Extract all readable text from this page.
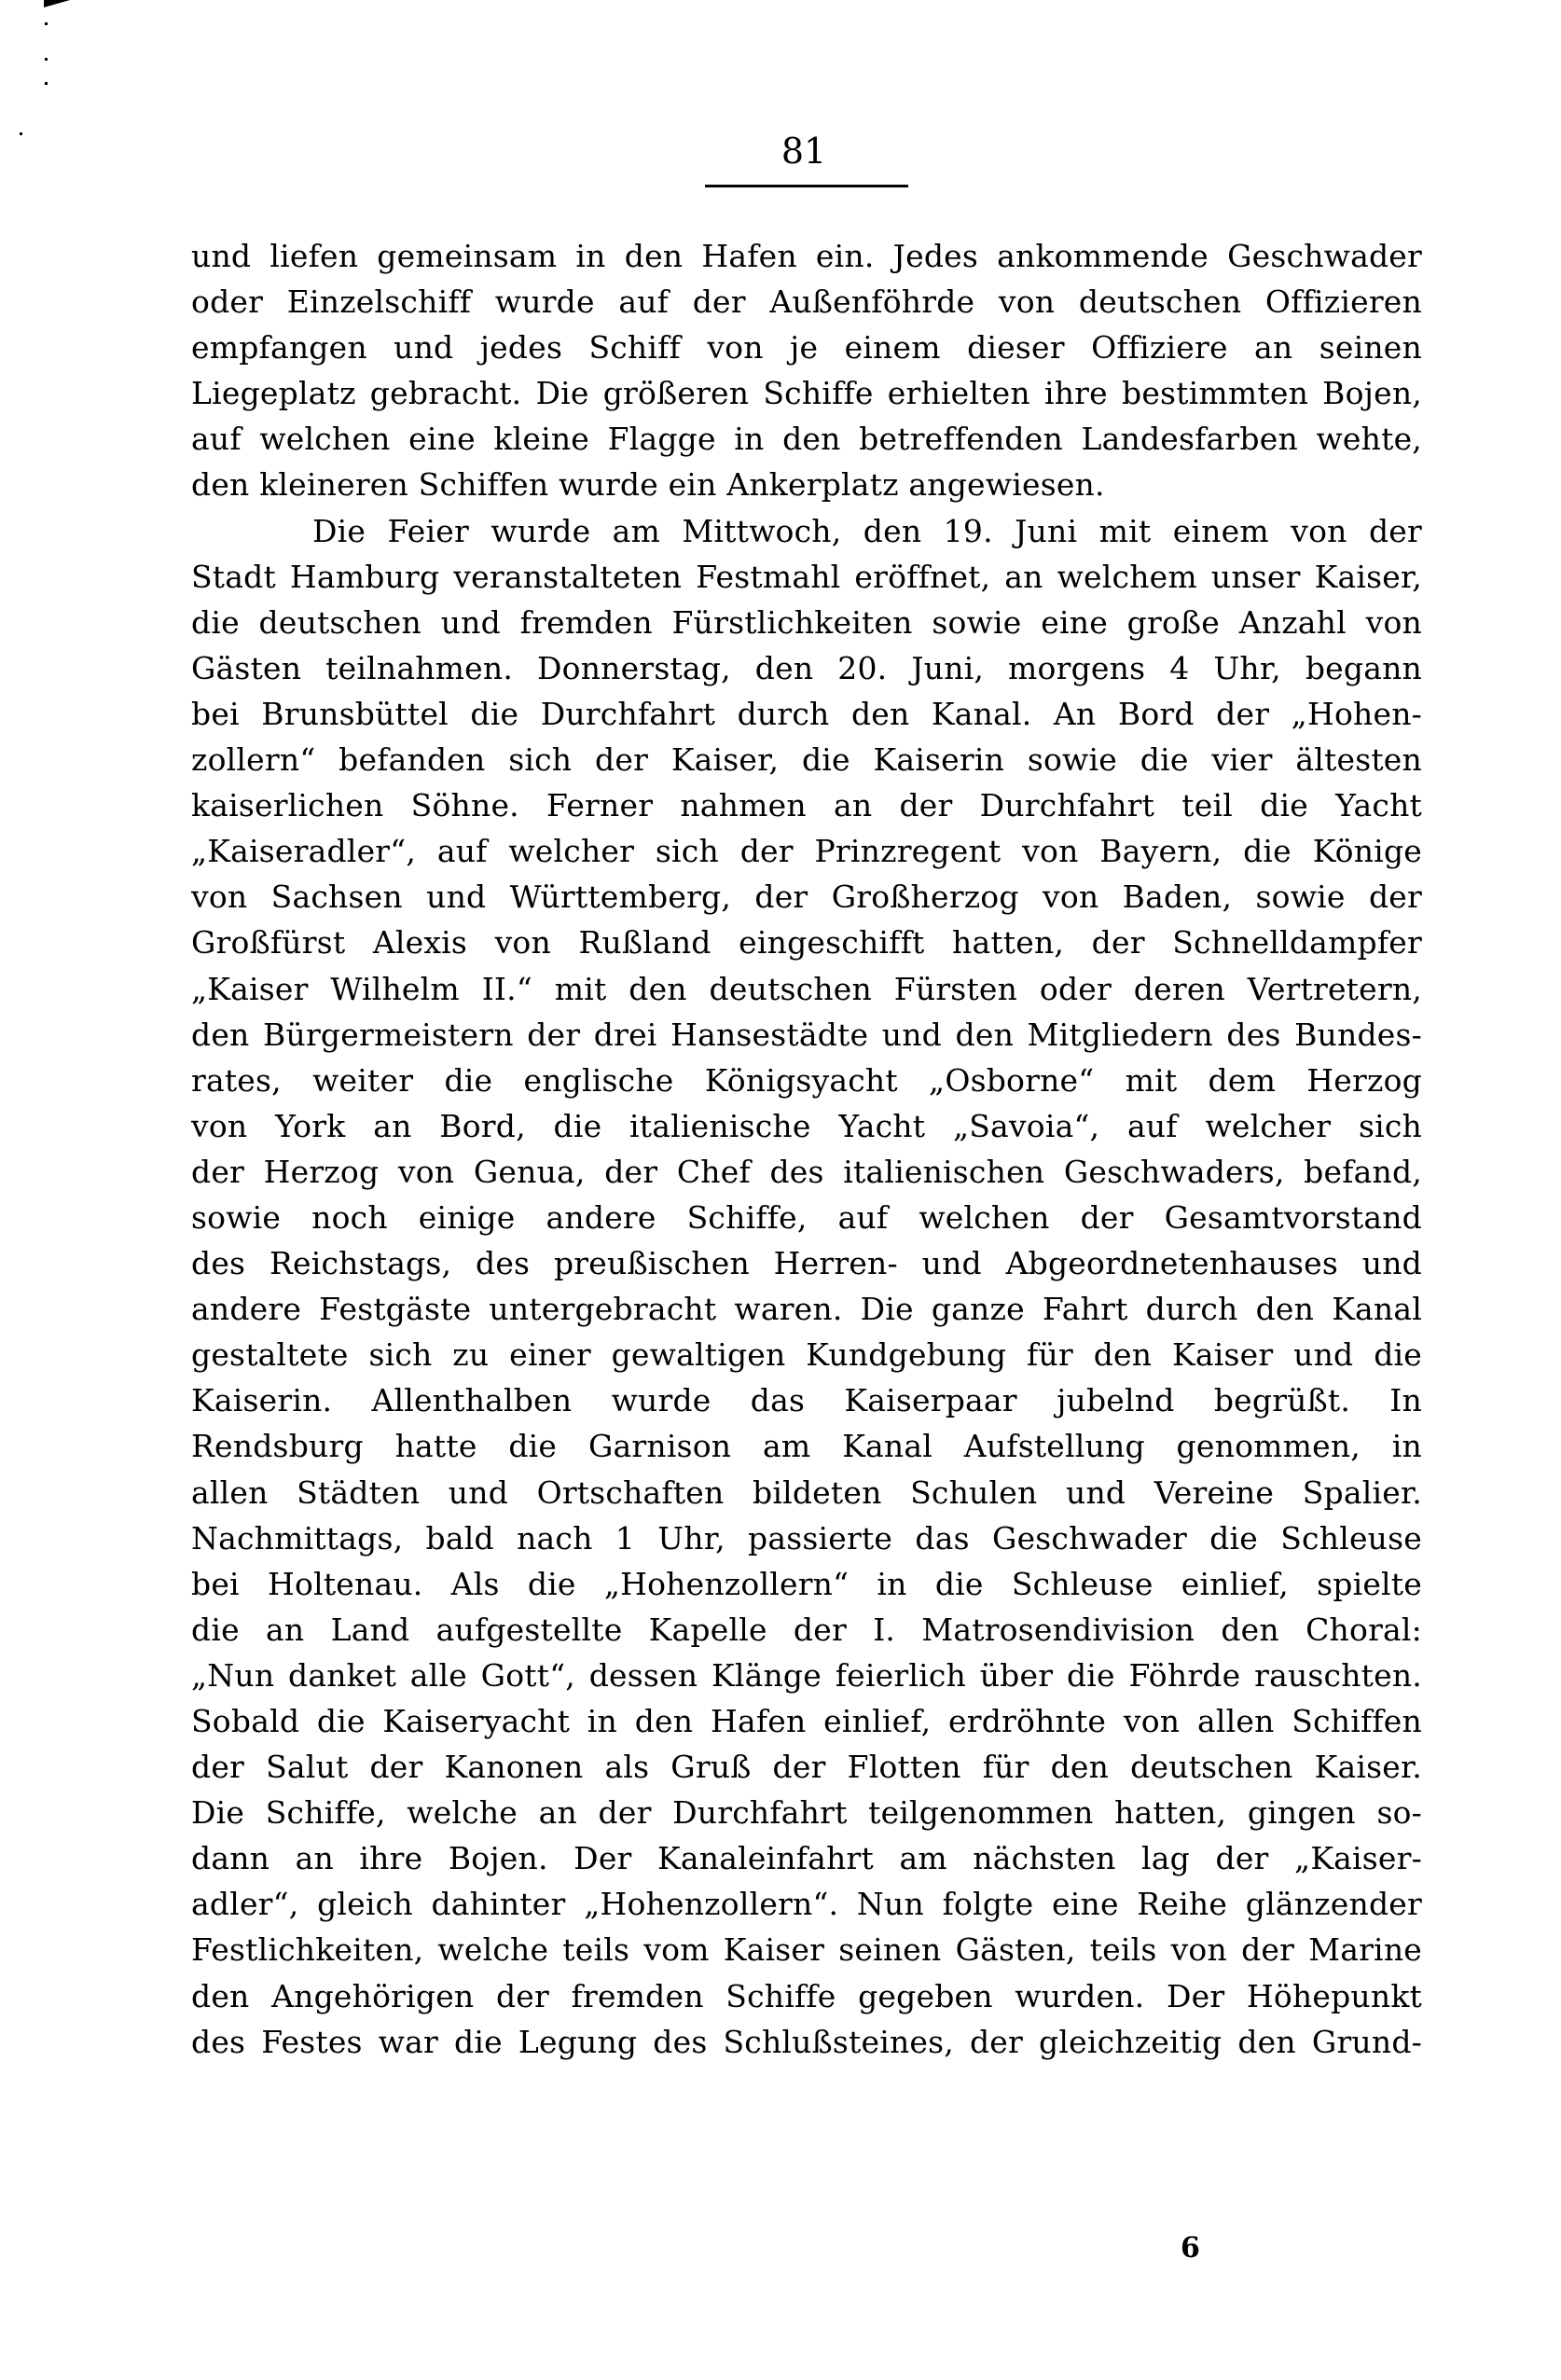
81
und liefen gemeinsam in den Hafen ein. Jedes ankommende Geschwader
oder Einzelschiff wurde auf der Außenföhrde von deutschen Offizieren
empfangen und jedes Schiff von je einem dieser Offiziere an seinen
Liegeplatz gebracht. Die größeren Schiffe erhielten ihre bestimmten Bojen,
auf welchen eine kleine Flagge in den betreffenden Landesfarben wehte,
den kleineren Schiffen wurde ein Ankerplatz angewiesen.
Die Feier wurde am Mittwoch, den 19. Juni mit einem von der
Stadt Hamburg veranstalteten Festmahl eröffnet, an welchem unser Kaiser,
die deutschen und fremden Fürstlichkeiten sowie eine große Anzahl von
Gästen teilnahmen. Donnerstag, den 20. Juni, morgens 4 Uhr, begann
bei Brunsbüttel die Durchfahrt durch den Kanal. An Bord der „Hohen-
zollern“ befanden sich der Kaiser, die Kaiserin sowie die vier ältesten
kaiserlichen Söhne. Ferner nahmen an der Durchfahrt teil die Yacht
„Kaiseradler“, auf welcher sich der Prinzregent von Bayern, die Könige
von Sachsen und Württemberg, der Großherzog von Baden, sowie der
Großfürst Alexis von Rußland eingeschifft hatten, der Schnelldampfer
„Kaiser Wilhelm II.“ mit den deutschen Fürsten oder deren Vertretern,
den Bürgermeistern der drei Hansestädte und den Mitgliedern des Bundes-
rates, weiter die englische Königsyacht „Osborne“ mit dem Herzog
von York an Bord, die italienische Yacht „Savoia“, auf welcher sich
der Herzog von Genua, der Chef des italienischen Geschwaders, befand,
sowie noch einige andere Schiffe, auf welchen der Gesamtvorstand
des Reichstags, des preußischen Herren- und Abgeordnetenhauses und
andere Festgäste untergebracht waren. Die ganze Fahrt durch den Kanal
gestaltete sich zu einer gewaltigen Kundgebung für den Kaiser und die
Kaiserin. Allenthalben wurde das Kaiserpaar jubelnd begrüßt. In
Rendsburg hatte die Garnison am Kanal Aufstellung genommen, in
allen Städten und Ortschaften bildeten Schulen und Vereine Spalier.
Nachmittags, bald nach 1 Uhr, passierte das Geschwader die Schleuse
bei Holtenau. Als die „Hohenzollern“ in die Schleuse einlief, spielte
die an Land aufgestellte Kapelle der I. Matrosendivision den Choral:
„Nun danket alle Gott“, dessen Klänge feierlich über die Föhrde rauschten.
Sobald die Kaiseryacht in den Hafen einlief, erdröhnte von allen Schiffen
der Salut der Kanonen als Gruß der Flotten für den deutschen Kaiser.
Die Schiffe, welche an der Durchfahrt teilgenommen hatten, gingen so-
dann an ihre Bojen. Der Kanaleinfahrt am nächsten lag der „Kaiser-
adler“, gleich dahinter „Hohenzollern“. Nun folgte eine Reihe glänzender
Festlichkeiten, welche teils vom Kaiser seinen Gästen, teils von der Marine
den Angehörigen der fremden Schiffe gegeben wurden. Der Höhepunkt
des Festes war die Legung des Schlußsteines, der gleichzeitig den Grund-
6
